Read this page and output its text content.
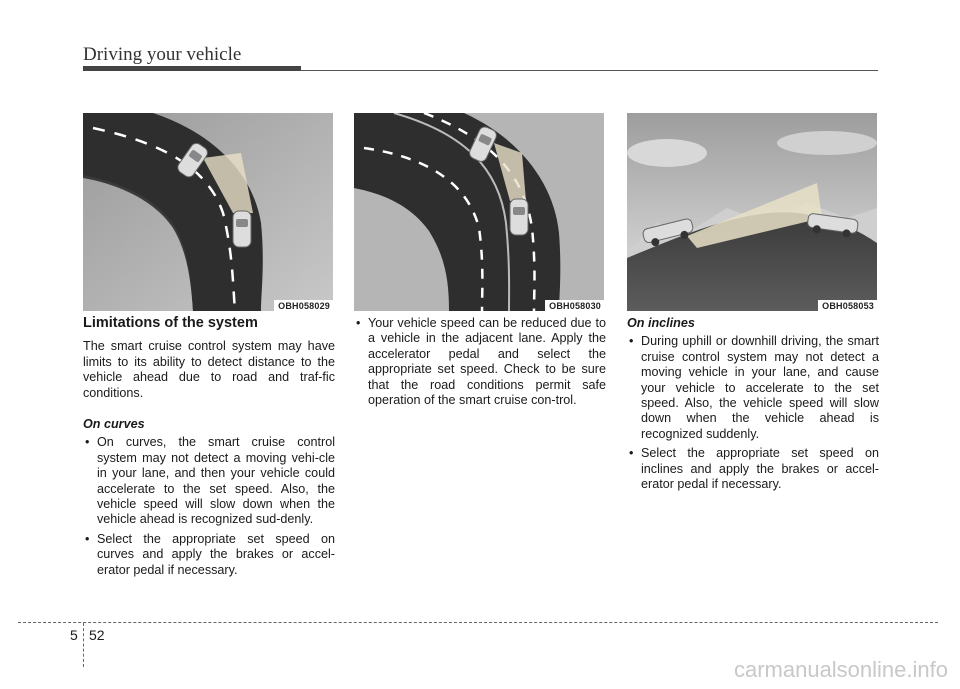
Driving your vehicle
OBH058029	OBH058030	OBH058053
Limitations of the system

The smart cruise control system may have limits to its ability to detect distance to the vehicle ahead due to road and traf-fic conditions.

On curves
• On curves, the smart cruise control system may not detect a moving vehi-cle in your lane, and then your vehicle could accelerate to the set speed. Also, the vehicle speed will slow down when the vehicle ahead is recognized sud-denly.
• Select the appropriate set speed on curves and apply the brakes or accel-erator pedal if necessary.
• Your vehicle speed can be reduced due to a vehicle in the adjacent lane. Apply the accelerator pedal and select the appropriate set speed. Check to be sure that the road conditions permit safe operation of the smart cruise con-trol.
On inclines
• During uphill or downhill driving, the smart cruise control system may not detect a moving vehicle in your lane, and cause your vehicle to accelerate to the set speed. Also, the vehicle speed will slow down when the vehicle ahead is recognized suddenly.
• Select the appropriate set speed on inclines and apply the brakes or accel-erator pedal if necessary.
5 52
carmanualsonline.info
